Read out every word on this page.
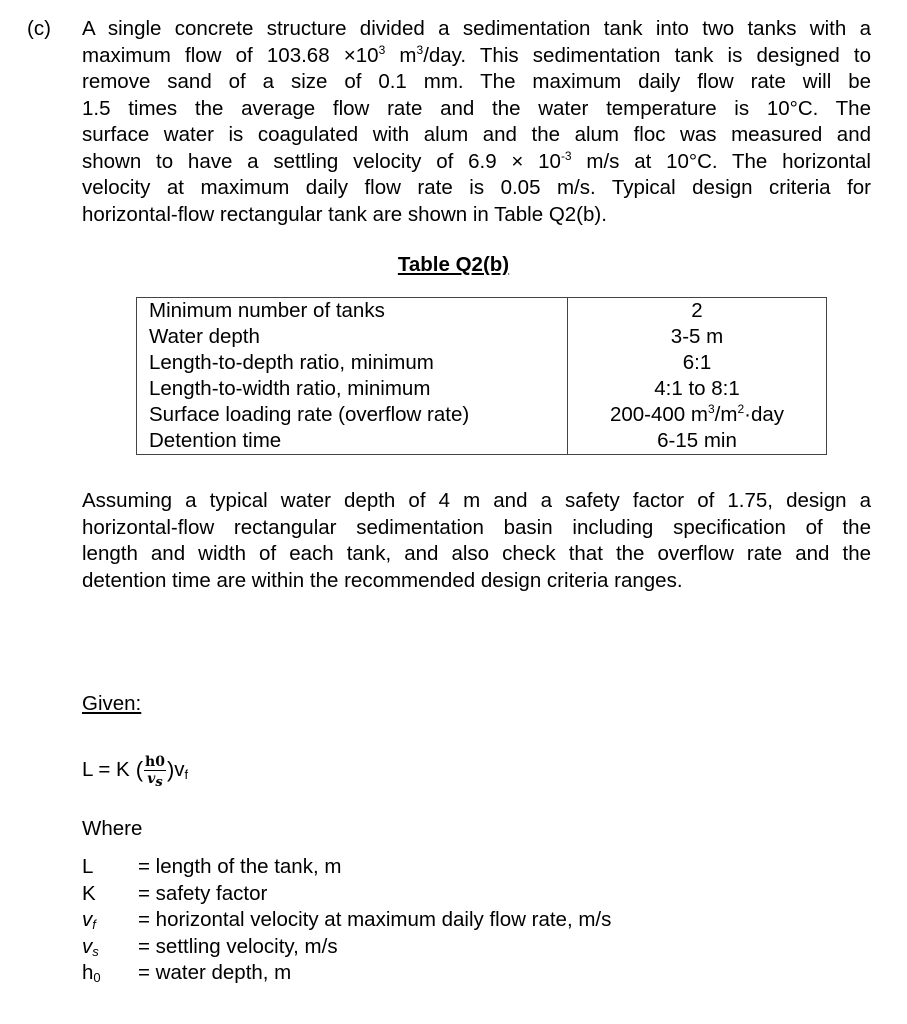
(c) A single concrete structure divided a sedimentation tank into two tanks with a
maximum flow of $103.68 \times 10^3$ $m^3$/day. This sedimentation tank is designed to
remove sand of a size of 0.1 mm. The maximum daily flow rate will be
1.5 times the average flow rate and the water temperature is 10°C. The
surface water is coagulated with alum and the alum floc was measured and
shown to have a settling velocity of $6.9 \times 10^{-3}$ m/s at 10°C. The horizontal
velocity at maximum daily flow rate is 0.05 m/s. Typical design criteria for
horizontal-flow rectangular tank are shown in Table Q2(b).
Table Q2(b)
Minimum number of tanks	2
Water depth	3-5 m
Length-to-depth ratio, minimum	6:1
Length-to-width ratio, minimum	4:1 to 8:1
Surface loading rate (overflow rate)	200-400 $m^3/m^2\cdot day$
Detention time	6-15 min
Assuming a typical water depth of 4 m and a safety factor of 1.75, design a
horizontal-flow rectangular sedimentation basin including specification of the
length and width of each tank, and also check that the overflow rate and the
detention time are within the recommended design criteria ranges.
Given:
L = K ( $\frac{h0}{vs}$ ) $v_f$
Where
L	= length of the tank, m
K	= safety factor
$v_f$	= horizontal velocity at maximum daily flow rate, m/s
$v_s$	= settling velocity, m/s
$h_0$	= water depth, m
